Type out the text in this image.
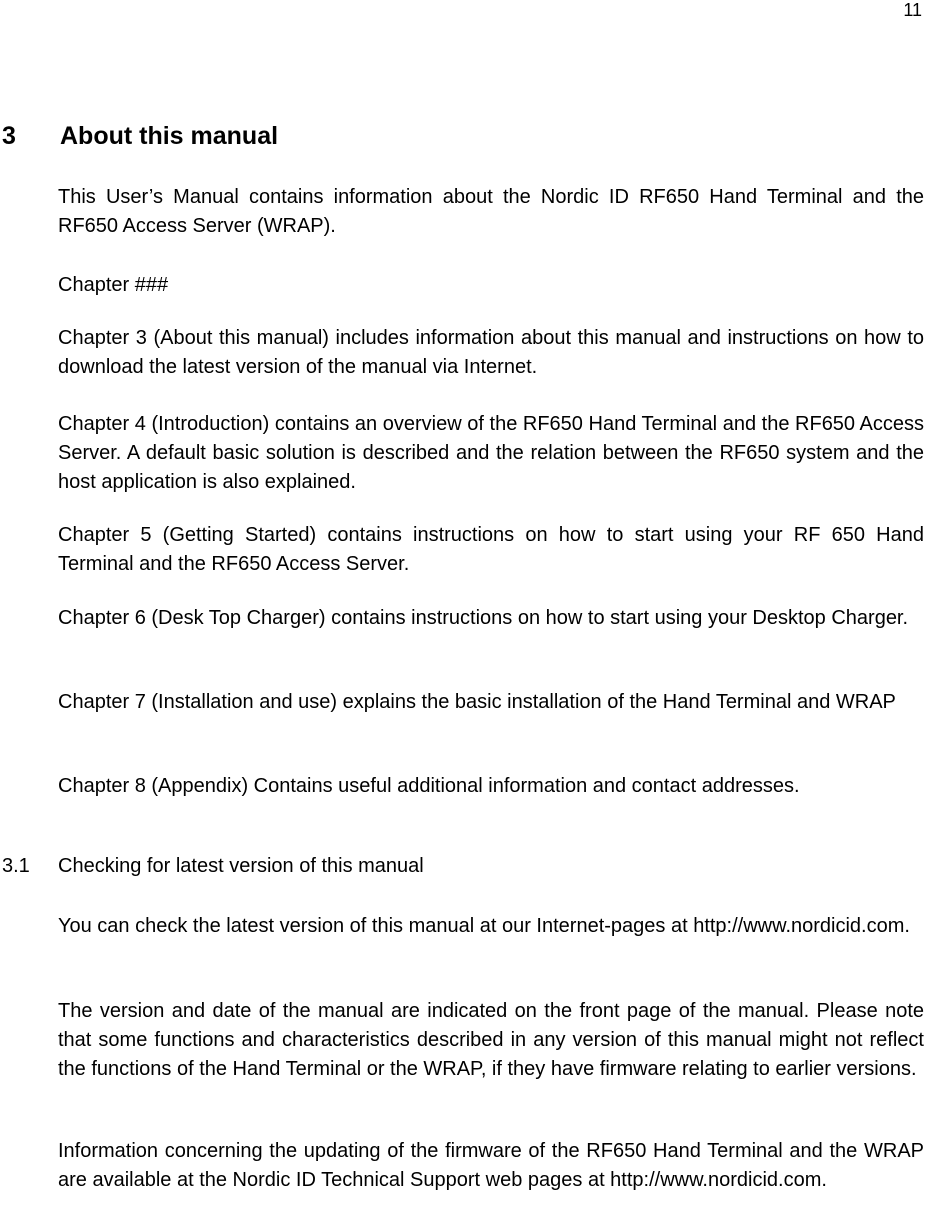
11
3 About this manual

This User’s Manual contains information about the Nordic ID RF650 Hand Terminal and the RF650 Access Server (WRAP).

Chapter ###

Chapter 3 (About this manual) includes information about this manual and instructions on how to download the latest version of the manual via Internet.

Chapter 4 (Introduction) contains an overview of the RF650 Hand Terminal and the RF650 Access Server. A default basic solution is described and the relation between the RF650 system and the host application is also explained.

Chapter 5 (Getting Started) contains instructions on how to start using your RF 650 Hand Terminal and the RF650 Access Server.

Chapter 6 (Desk Top Charger) contains instructions on how to start using your Desktop Charger.

Chapter 7 (Installation and use) explains the basic installation of the Hand Terminal and WRAP

Chapter 8 (Appendix) Contains useful additional information and contact addresses.

3.1 Checking for latest version of this manual

You can check the latest version of this manual at our Internet-pages at http://www.nordicid.com.

The version and date of the manual are indicated on the front page of the manual. Please note that some functions and characteristics described in any version of this manual might not reflect the functions of the Hand Terminal or the WRAP, if they have firmware relating to earlier versions.

Information concerning the updating of the firmware of the RF650 Hand Terminal and the WRAP are available at the Nordic ID Technical Support web pages at http://www.nordicid.com.
